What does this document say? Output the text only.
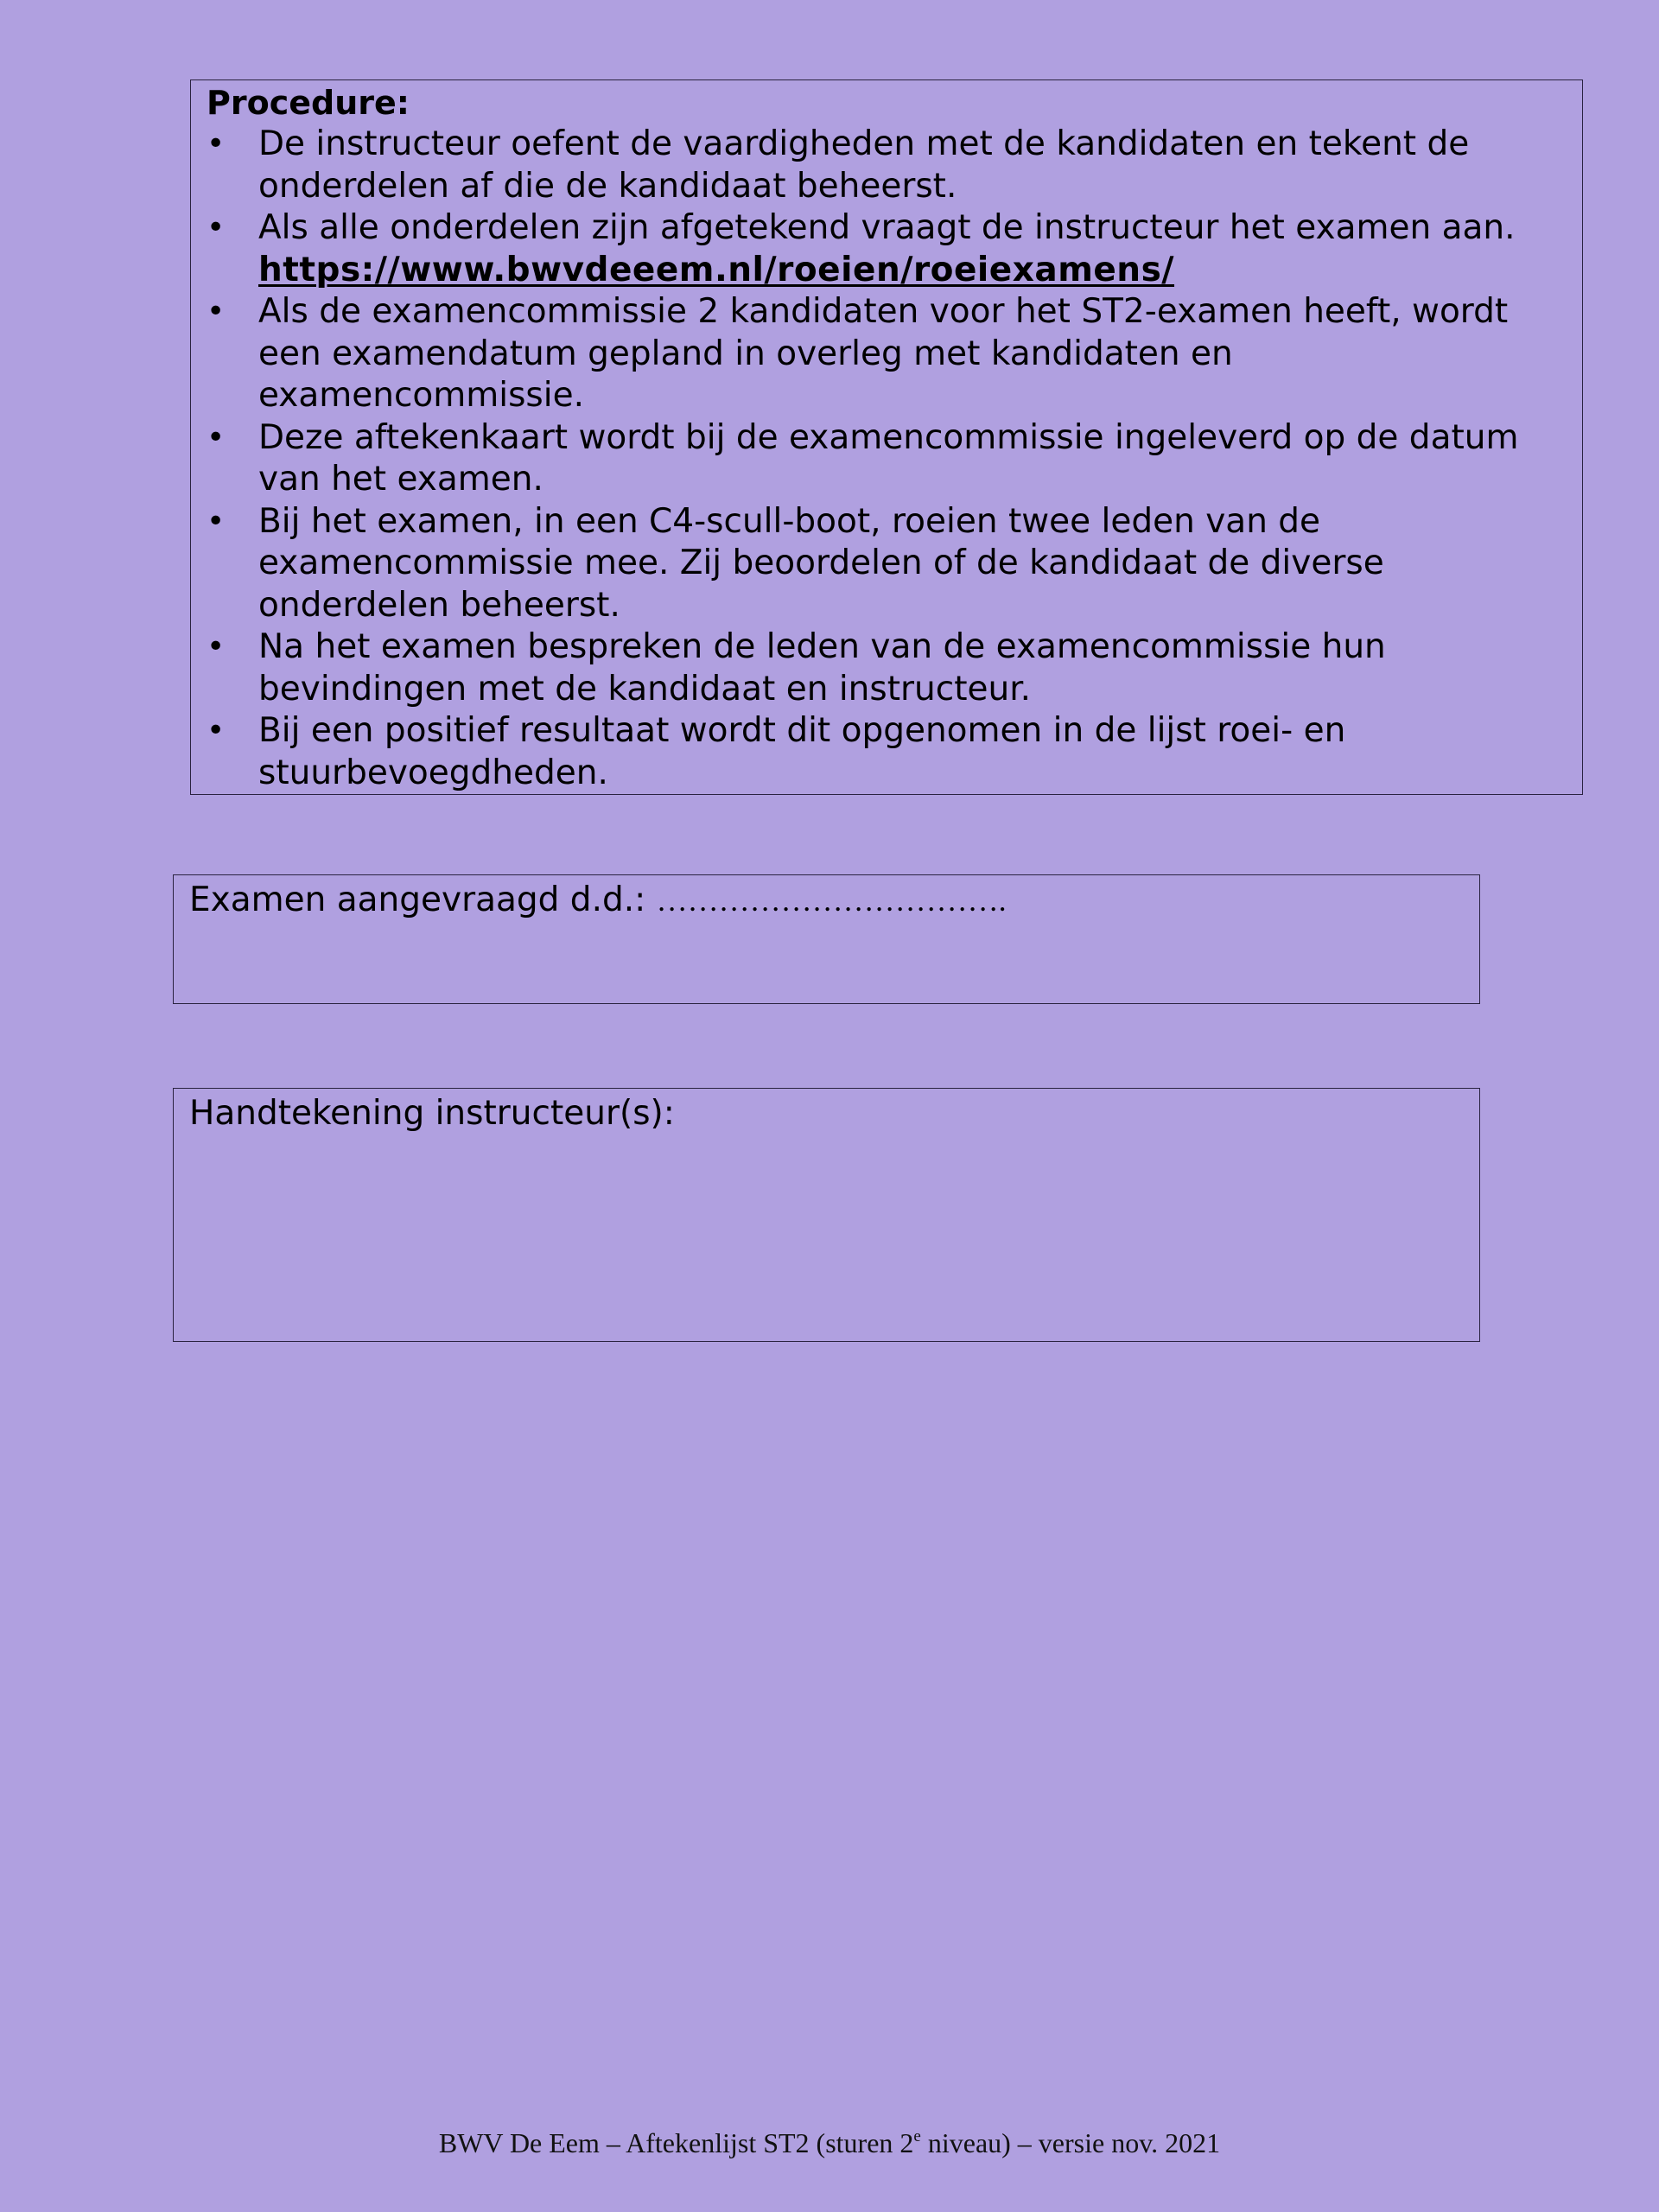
Procedure:
• De instructeur oefent de vaardigheden met de kandidaten en tekent de onderdelen af die de kandidaat beheerst.
• Als alle onderdelen zijn afgetekend vraagt de instructeur het examen aan.
https://www.bwvdeeem.nl/roeien/roeiexamens/
• Als de examencommissie 2 kandidaten voor het ST2-examen heeft, wordt een examendatum gepland in overleg met kandidaten en examencommissie.
• Deze aftekenkaart wordt bij de examencommissie ingeleverd op de datum van het examen.
• Bij het examen, in een C4-scull-boot, roeien twee leden van de examencommissie mee. Zij beoordelen of de kandidaat de diverse onderdelen beheerst.
• Na het examen bespreken de leden van de examencommissie hun bevindingen met de kandidaat en instructeur.
• Bij een positief resultaat wordt dit opgenomen in de lijst roei- en stuurbevoegdheden.
Examen aangevraagd d.d.: …………………………….
Handtekening instructeur(s):
BWV De Eem – Aftekenlijst ST2 (sturen 2e niveau) – versie nov. 2021
